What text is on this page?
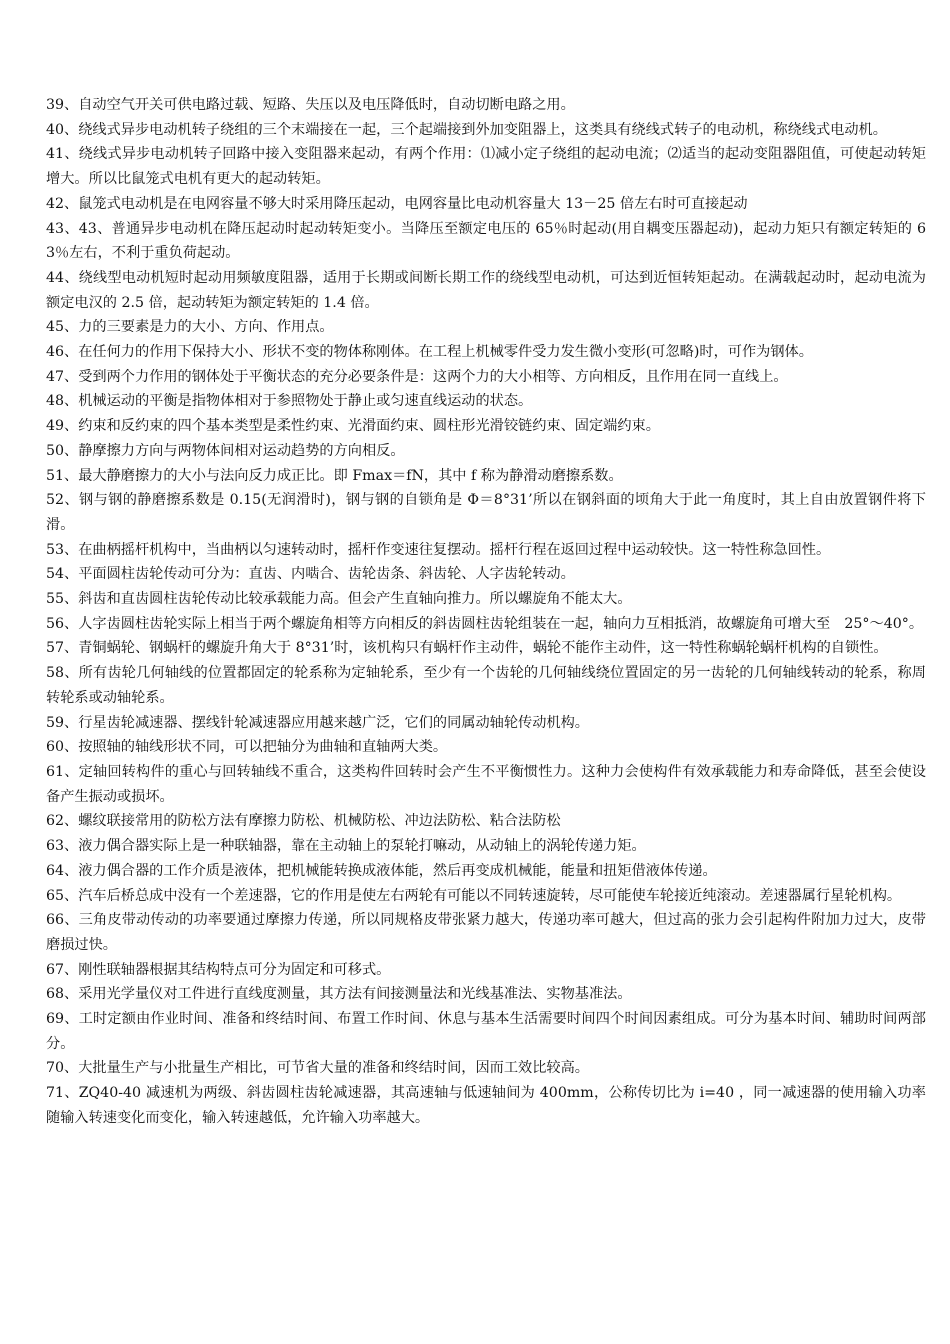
39、自动空气开关可供电路过载、短路、失压以及电压降低时，自动切断电路之用。

40、绕线式异步电动机转子绕组的三个末端接在一起，三个起端接到外加变阻器上，这类具有绕线式转子的电动机，称绕线式电动机。

41、绕线式异步电动机转子回路中接入变阻器来起动，有两个作用：⑴减小定子绕组的起动电流；⑵适当的起动变阻器阻值，可使起动转矩增大。所以比鼠笼式电机有更大的起动转矩。

42、鼠笼式电动机是在电网容量不够大时采用降压起动，电网容量比电动机容量大 13－25 倍左右时可直接起动

43、43、普通异步电动机在降压起动时起动转矩变小。当降压至额定电压的 65％时起动(用自耦变压器起动)，起动力矩只有额定转矩的 63％左右，不利于重负荷起动。

44、绕线型电动机短时起动用频敏度阻器，适用于长期或间断长期工作的绕线型电动机，可达到近恒转矩起动。在满载起动时，起动电流为额定电汉的 2.5 倍，起动转矩为额定转矩的 1.4 倍。

45、力的三要素是力的大小、方向、作用点。

46、在任何力的作用下保持大小、形状不变的物体称刚体。在工程上机械零件受力发生微小变形(可忽略)时，可作为钢体。

47、受到两个力作用的钢体处于平衡状态的充分必要条件是：这两个力的大小相等、方向相反，且作用在同一直线上。

48、机械运动的平衡是指物体相对于参照物处于静止或匀速直线运动的状态。

49、约束和反约束的四个基本类型是柔性约束、光滑面约束、圆柱形光滑铰链约束、固定端约束。

50、静摩擦力方向与两物体间相对运动趋势的方向相反。

51、最大静磨擦力的大小与法向反力成正比。即 Fmax＝fN，其中 f 称为静滑动磨擦系数。

52、钢与钢的静磨擦系数是 0.15(无润滑时)，钢与钢的自锁角是 Φ＝8°31’所以在钢斜面的顷角大于此一角度时，其上自由放置钢件将下滑。

53、在曲柄摇杆机构中，当曲柄以匀速转动时，摇杆作变速往复摆动。摇杆行程在返回过程中运动较快。这一特性称急回性。

54、平面圆柱齿轮传动可分为：直齿、内啮合、齿轮齿条、斜齿轮、人字齿轮转动。

55、斜齿和直齿圆柱齿轮传动比较承载能力高。但会产生直轴向推力。所以螺旋角不能太大。

56、人字齿圆柱齿轮实际上相当于两个螺旋角相等方向相反的斜齿圆柱齿轮组装在一起，轴向力互相抵消，故螺旋角可增大至　25°～40°。

57、青铜蜗轮、钢蜗杆的螺旋升角大于 8°31’时，该机构只有蜗杆作主动件，蜗轮不能作主动件，这一特性称蜗轮蜗杆机构的自锁性。

58、所有齿轮几何轴线的位置都固定的轮系称为定轴轮系，至少有一个齿轮的几何轴线绕位置固定的另一齿轮的几何轴线转动的轮系，称周转轮系或动轴轮系。

59、行星齿轮减速器、摆线针轮减速器应用越来越广泛，它们的同属动轴轮传动机构。

60、按照轴的轴线形状不同，可以把轴分为曲轴和直轴两大类。

61、定轴回转构件的重心与回转轴线不重合，这类构件回转时会产生不平衡惯性力。这种力会使构件有效承载能力和寿命降低，甚至会使设备产生振动或损坏。

62、螺纹联接常用的防松方法有摩擦力防松、机械防松、冲边法防松、粘合法防松

63、液力偶合器实际上是一种联轴器，靠在主动轴上的泵轮打嘛动，从动轴上的涡轮传递力矩。

64、液力偶合器的工作介质是液体，把机械能转换成液体能，然后再变成机械能，能量和扭矩借液体传递。

65、汽车后桥总成中没有一个差速器，它的作用是使左右两轮有可能以不同转速旋转，尽可能使车轮接近纯滚动。差速器属行星轮机构。

66、三角皮带动传动的功率要通过摩擦力传递，所以同规格皮带张紧力越大，传递功率可越大，但过高的张力会引起构件附加力过大，皮带磨损过快。

67、刚性联轴器根据其结构特点可分为固定和可移式。

68、采用光学量仪对工件进行直线度测量，其方法有间接测量法和光线基准法、实物基准法。

69、工时定额由作业时间、准备和终结时间、布置工作时间、休息与基本生活需要时间四个时间因素组成。可分为基本时间、辅助时间两部分。

70、大批量生产与小批量生产相比，可节省大量的准备和终结时间，因而工效比较高。

71、ZQ40-40 减速机为两级、斜齿圆柱齿轮减速器，其高速轴与低速轴间为 400mm，公称传切比为 i=40 ，同一减速器的使用输入功率随输入转速变化而变化，输入转速越低，允许输入功率越大。
